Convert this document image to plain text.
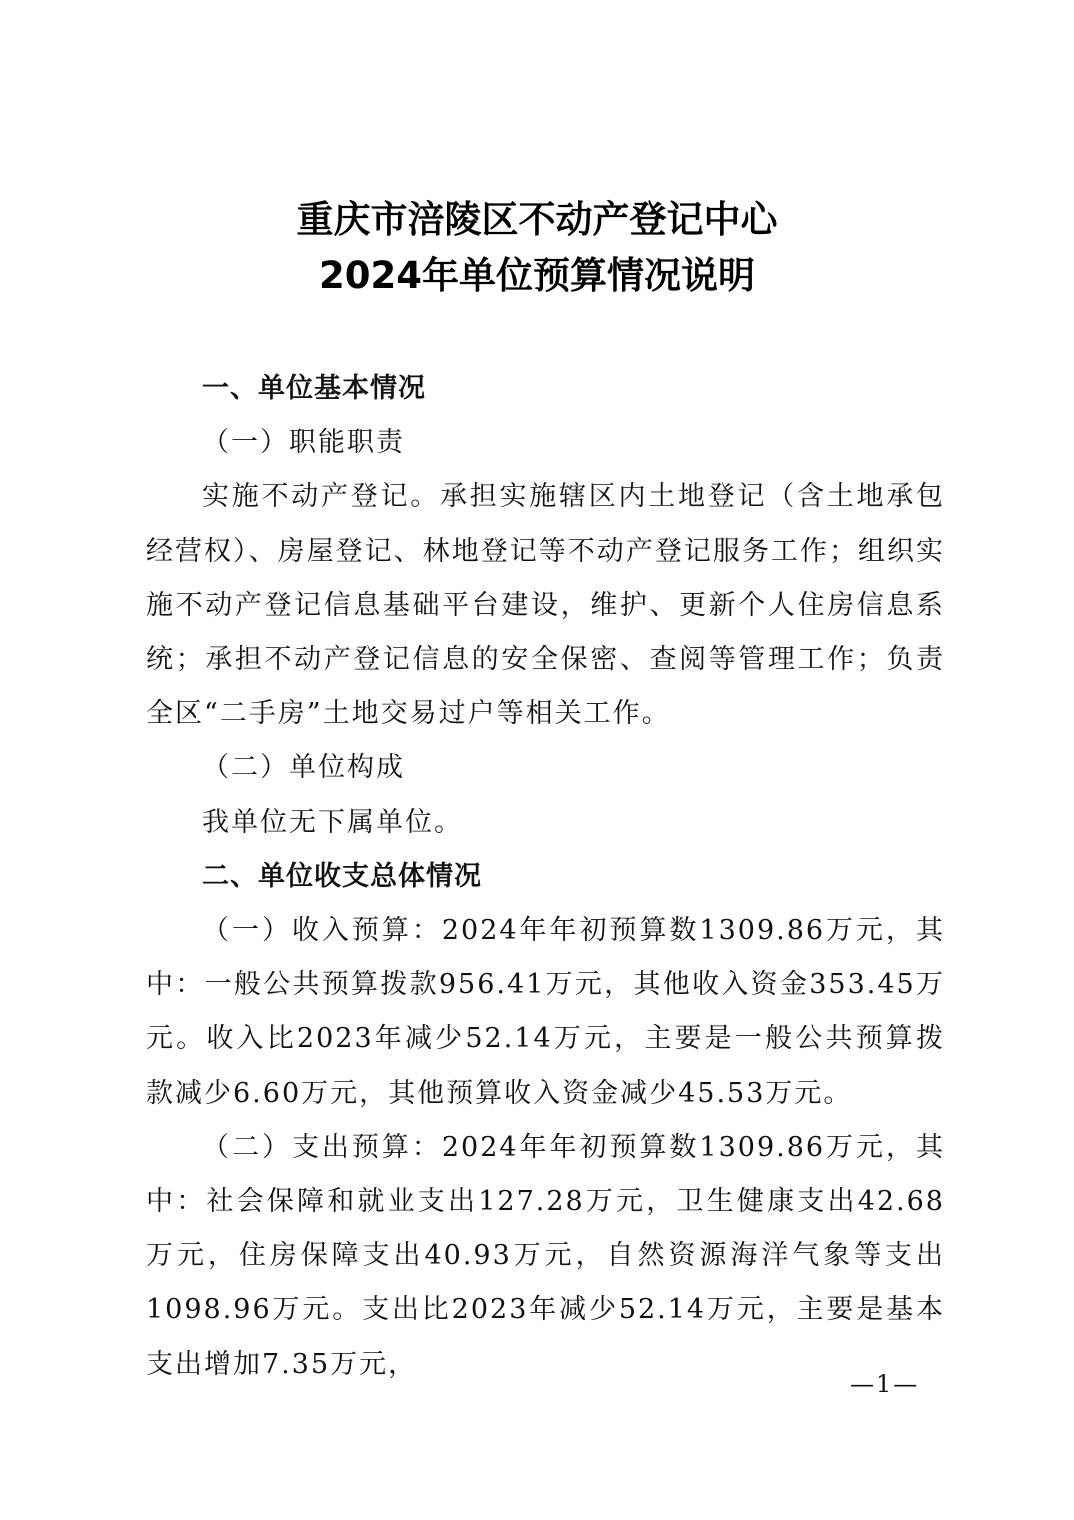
重庆市涪陵区不动产登记中心
2024年单位预算情况说明

一、单位基本情况

（一）职能职责

实施不动产登记。承担实施辖区内土地登记（含土地承包经营权）、房屋登记、林地登记等不动产登记服务工作；组织实施不动产登记信息基础平台建设，维护、更新个人住房信息系统；承担不动产登记信息的安全保密、查阅等管理工作；负责全区“二手房”土地交易过户等相关工作。

（二）单位构成

我单位无下属单位。

二、单位收支总体情况

（一）收入预算：2024年年初预算数1309.86万元，其中：一般公共预算拨款956.41万元，其他收入资金353.45万元。收入比2023年减少52.14万元，主要是一般公共预算拨款减少6.60万元，其他预算收入资金减少45.53万元。

（二）支出预算：2024年年初预算数1309.86万元，其中：社会保障和就业支出127.28万元，卫生健康支出42.68万元，住房保障支出40.93万元，自然资源海洋气象等支出1098.96万元。支出比2023年减少52.14万元，主要是基本支出增加7.35万元，

—1—
